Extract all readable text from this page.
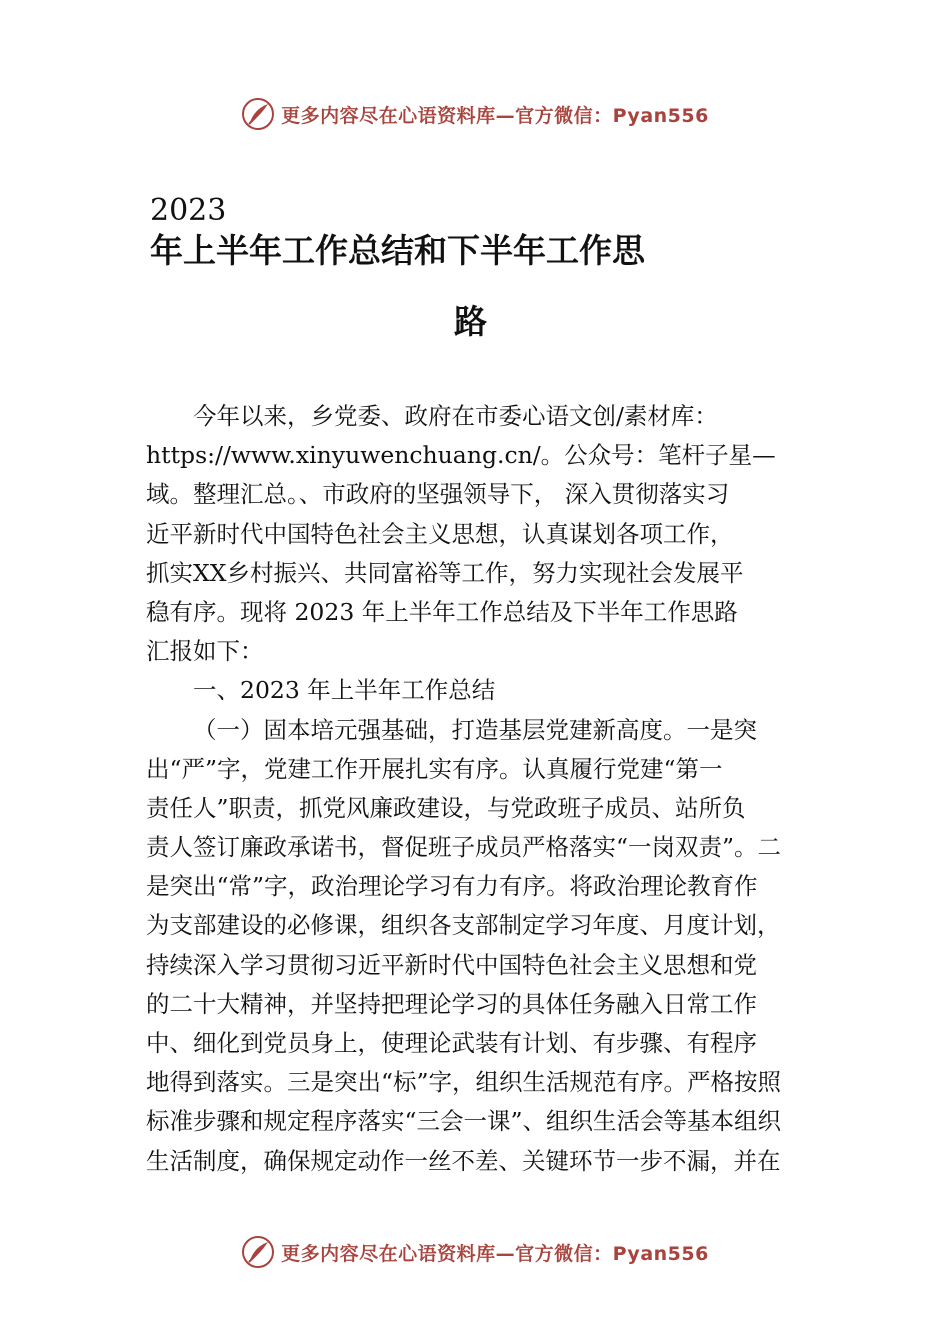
更多内容尽在心语资料库—官方微信：Pyan556
2023
年上半年工作总结和下半年工作思
路
今年以来，乡党委、政府在市委心语文创/素材库：
https://www.xinyuwenchuang.cn/。公众号：笔杆子星—
域。整理汇总。、市政府的坚强领导下， 深入贯彻落实习
近平新时代中国特色社会主义思想，认真谋划各项工作，
抓实XX乡村振兴、共同富裕等工作，努力实现社会发展平
稳有序。现将 2023 年上半年工作总结及下半年工作思路
汇报如下：
一、2023 年上半年工作总结
（一）固本培元强基础，打造基层党建新高度。一是突
出“严”字，党建工作开展扎实有序。认真履行党建“第一
责任人”职责，抓党风廉政建设，与党政班子成员、站所负
责人签订廉政承诺书，督促班子成员严格落实“一岗双责”。二
是突出“常”字，政治理论学习有力有序。将政治理论教育作
为支部建设的必修课，组织各支部制定学习年度、月度计划，
持续深入学习贯彻习近平新时代中国特色社会主义思想和党
的二十大精神，并坚持把理论学习的具体任务融入日常工作
中、细化到党员身上，使理论武装有计划、有步骤、有程序
地得到落实。三是突出“标”字，组织生活规范有序。严格按照
标准步骤和规定程序落实“三会一课”、组织生活会等基本组织
生活制度，确保规定动作一丝不差、关键环节一步不漏，并在
更多内容尽在心语资料库—官方微信：Pyan556
